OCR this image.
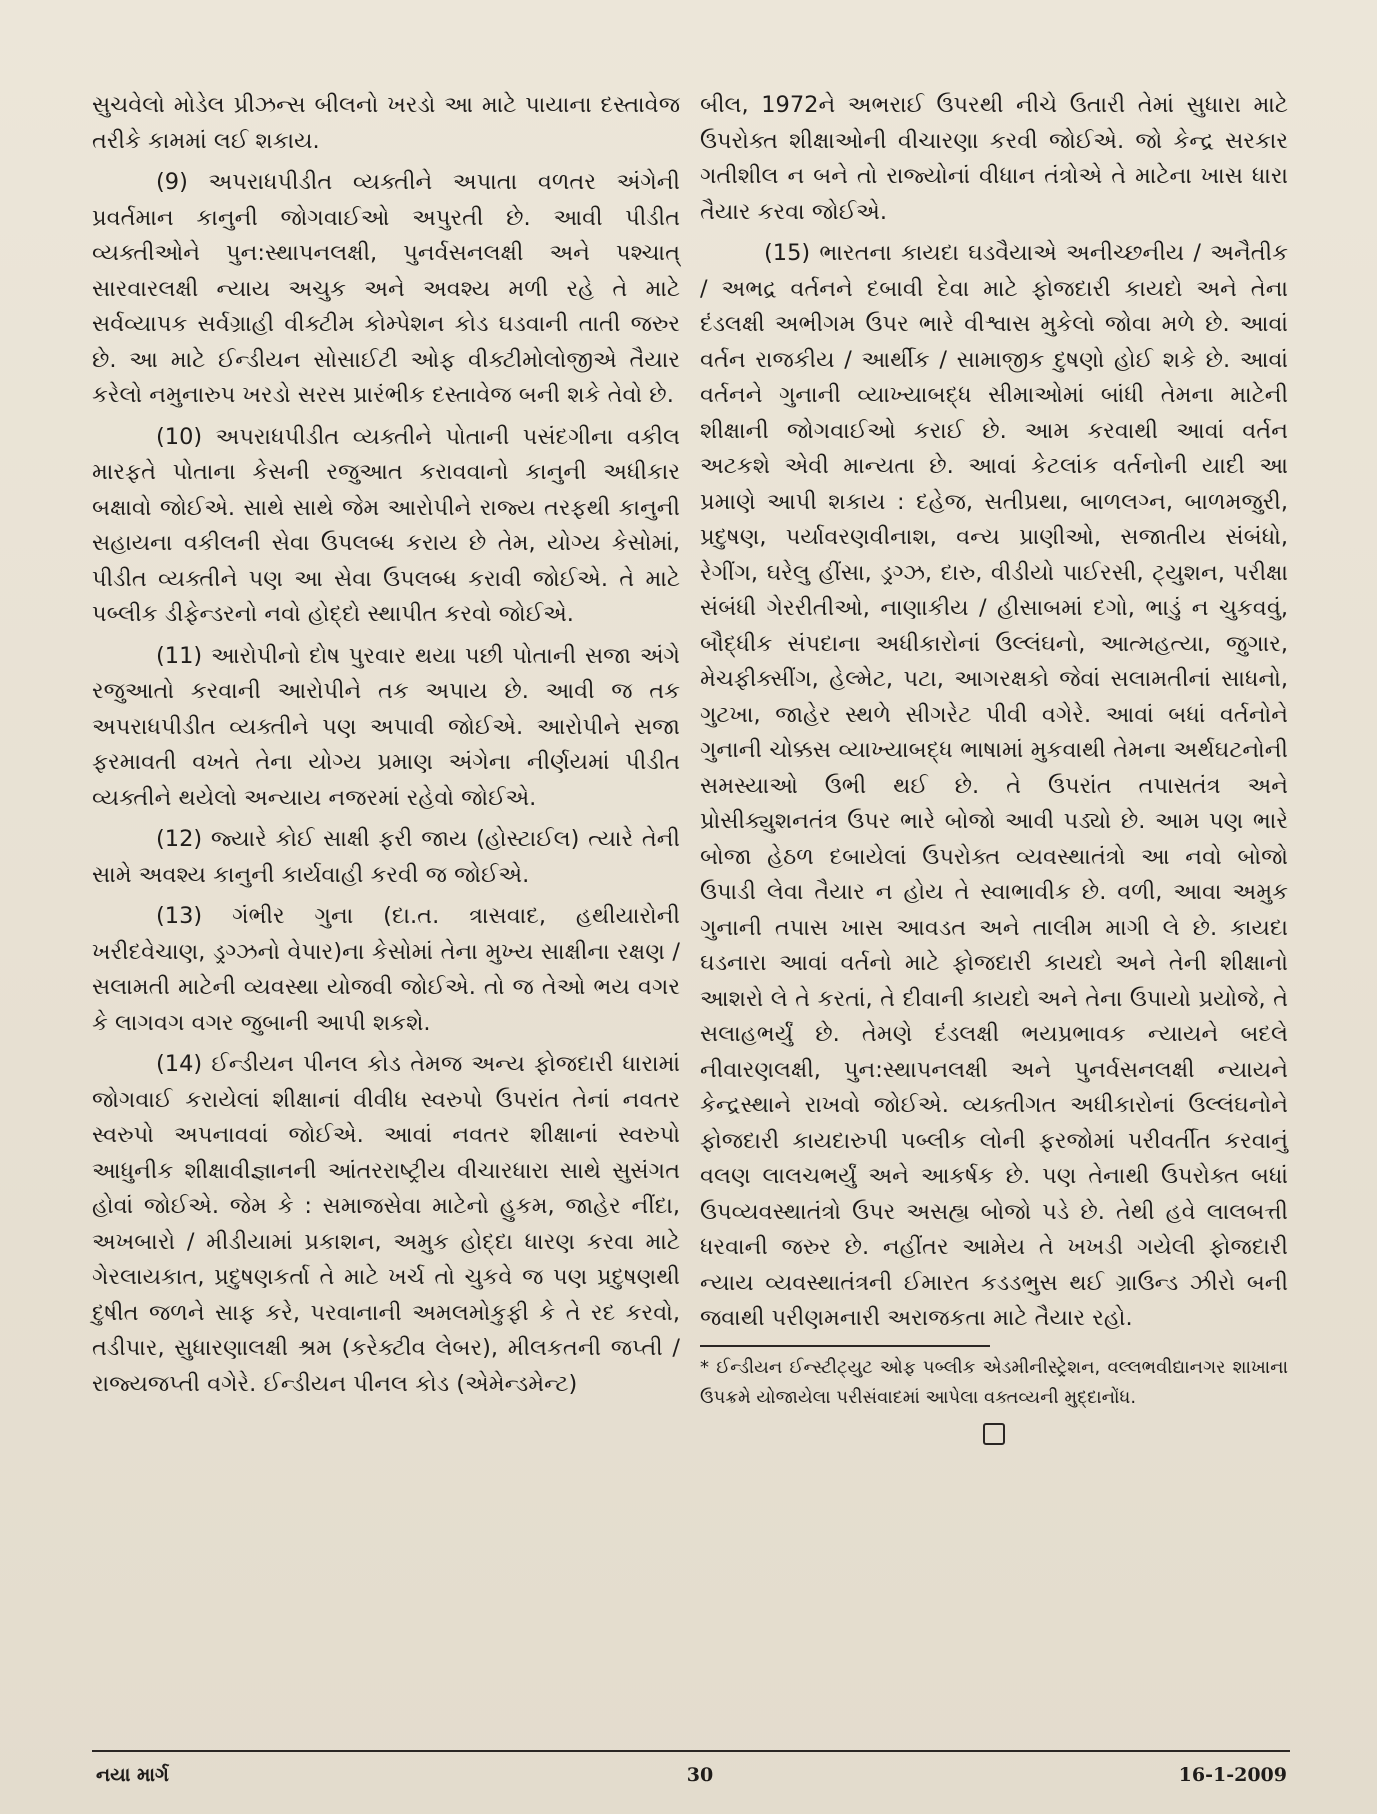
સુચવેલો મોડેલ પ્રીઝન્સ બીલનો ખરડો આ માટે પાયાના દસ્તાવેજ તરીકે કામમાં લઈ શકાય.

(9) અપરાધપીડીત વ્યક્તીને અપાતા વળતર અંગેની પ્રવર્તમાન કાનુની જોગવાઈઓ અપુરતી છે. આવી પીડીત વ્યક્તીઓને પુન:સ્થાપનલક્ષી, પુનર્વસનલક્ષી અને પશ્ચાત્ સારવારલક્ષી ન્યાય અચુક અને અવશ્ય મળી રહે તે માટે સર્વવ્યાપક સર્વગ્રાહી વીક્ટીમ કોમ્પેશન કોડ ઘડવાની તાતી જરુર છે. આ માટે ઈન્ડીયન સોસાઈટી ઓફ વીક્ટીમોલોજીએ તૈયાર કરેલો નમુનારુપ ખરડો સરસ પ્રારંભીક દસ્તાવેજ બની શકે તેવો છે.

(10) અપરાધપીડીત વ્યક્તીને પોતાની પસંદગીના વકીલ મારફતે પોતાના કેસની રજુઆત કરાવવાનો કાનુની અધીકાર બક્ષાવો જોઈએ. સાથે સાથે જેમ આરોપીને રાજ્ય તરફથી કાનુની સહાયના વકીલની સેવા ઉપલબ્ધ કરાય છે તેમ, યોગ્ય કેસોમાં, પીડીત વ્યક્તીને પણ આ સેવા ઉપલબ્ધ કરાવી જોઈએ. તે માટે પબ્લીક ડીફેન્ડરનો નવો હોદ્દો સ્થાપીત કરવો જોઈએ.

(11) આરોપીનો દોષ પુરવાર થયા પછી પોતાની સજા અંગે રજુઆતો કરવાની આરોપીને તક અપાય છે. આવી જ તક અપરાધપીડીત વ્યક્તીને પણ અપાવી જોઈએ. આરોપીને સજા ફરમાવતી વખતે તેના યોગ્ય પ્રમાણ અંગેના નીર્ણયમાં પીડીત વ્યક્તીને થયેલો અન્યાય નજરમાં રહેવો જોઈએ.

(12) જ્યારે કોઈ સાક્ષી ફરી જાય (હોસ્ટાઈલ) ત્યારે તેની સામે અવશ્ય કાનુની કાર્યવાહી કરવી જ જોઈએ.

(13) ગંભીર ગુના (દા.ત. ત્રાસવાદ, હથીયારોની ખરીદવેચાણ, ડ્રગ્ઝનો વેપાર)ના કેસોમાં તેના મુખ્ય સાક્ષીના રક્ષણ / સલામતી માટેની વ્યવસ્થા યોજવી જોઈએ. તો જ તેઓ ભય વગર કે લાગવગ વગર જુબાની આપી શકશે.

(14) ઈન્ડીયન પીનલ કોડ તેમજ અન્ય ફોજદારી ધારામાં જોગવાઈ કરાયેલાં શીક્ષાનાં વીવીધ સ્વરુપો ઉપરાંત તેનાં નવતર સ્વરુપો અપનાવવાં જોઈએ. આવાં નવતર શીક્ષાનાં સ્વરુપો આધુનીક શીક્ષાવીજ્ઞાનની આંતરરાષ્ટ્રીય વીચારધારા સાથે સુસંગત હોવાં જોઈએ. જેમ કે : સમાજસેવા માટેનો હુકમ, જાહેર નીંદા, અખબારો / મીડીયામાં પ્રકાશન, અમુક હોદ્દા ધારણ કરવા માટે ગેરલાયકાત, પ્રદુષણકર્તા તે માટે ખર્ચ તો ચુકવે જ પણ પ્રદુષણથી દુષીત જળને સાફ કરે, પરવાનાની અમલમોકુફી કે તે રદ કરવો, તડીપાર, સુધારણાલક્ષી શ્રમ (કરેક્ટીવ લેબર), મીલકતની જપ્તી / રાજ્યજપ્તી વગેરે. ઈન્ડીયન પીનલ કોડ (એમેન્ડમેન્ટ)

બીલ, 1972ને અભરાઈ ઉપરથી નીચે ઉતારી તેમાં સુધારા માટે ઉપરોક્ત શીક્ષાઓની વીચારણા કરવી જોઈએ. જો કેન્દ્ર સરકાર ગતીશીલ ન બને તો રાજ્યોનાં વીધાન તંત્રોએ તે માટેના ખાસ ધારા તૈયાર કરવા જોઈએ.

(15) ભારતના કાયદા ઘડવૈયાએ અનીચ્છનીય / અનૈતીક / અભદ્ર વર્તનને દબાવી દેવા માટે ફોજદારી કાયદો અને તેના દંડલક્ષી અભીગમ ઉપર ભારે વીશ્વાસ મુકેલો જોવા મળે છે. આવાં વર્તન રાજકીય / આર્થીક / સામાજીક દુષણો હોઈ શકે છે. આવાં વર્તનને ગુનાની વ્યાખ્યાબદ્ધ સીમાઓમાં બાંધી તેમના માટેની શીક્ષાની જોગવાઈઓ કરાઈ છે. આમ કરવાથી આવાં વર્તન અટકશે એવી માન્યતા છે. આવાં કેટલાંક વર્તનોની યાદી આ પ્રમાણે આપી શકાય : દહેજ, સતીપ્રથા, બાળલગ્ન, બાળમજુરી, પ્રદુષણ, પર્યાવરણવીનાશ, વન્ય પ્રાણીઓ, સજાતીય સંબંધો, રેગીંગ, ઘરેલુ હીંસા, ડ્રગ્ઝ, દારુ, વીડીયો પાઈરસી, ટ્યુશન, પરીક્ષા સંબંધી ગેરરીતીઓ, નાણાકીય / હીસાબમાં દગો, ભાડું ન ચુકવવું, બૌદ્ધીક સંપદાના અધીકારોનાં ઉલ્લંઘનો, આત્મહત્યા, જુગાર, મેચફીક્સીંગ, હેલ્મેટ, પટા, આગરક્ષકો જેવાં સલામતીનાં સાધનો, ગુટખા, જાહેર સ્થળે સીગરેટ પીવી વગેરે. આવાં બધાં વર્તનોને ગુનાની ચોક્કસ વ્યાખ્યાબદ્ધ ભાષામાં મુકવાથી તેમના અર્થઘટનોની સમસ્યાઓ ઉભી થઈ છે. તે ઉપરાંત તપાસતંત્ર અને પ્રોસીક્યુશનતંત્ર ઉપર ભારે બોજો આવી પડ્યો છે. આમ પણ ભારે બોજા હેઠળ દબાયેલાં ઉપરોક્ત વ્યવસ્થાતંત્રો આ નવો બોજો ઉપાડી લેવા તૈયાર ન હોય તે સ્વાભાવીક છે. વળી, આવા અમુક ગુનાની તપાસ ખાસ આવડત અને તાલીમ માગી લે છે. કાયદા ઘડનારા આવાં વર્તનો માટે ફોજદારી કાયદો અને તેની શીક્ષાનો આશરો લે તે કરતાં, તે દીવાની કાયદો અને તેના ઉપાયો પ્રયોજે, તે સલાહભર્યું છે. તેમણે દંડલક્ષી ભયપ્રભાવક ન્યાયને બદલે નીવારણલક્ષી, પુન:સ્થાપનલક્ષી અને પુનર્વસનલક્ષી ન્યાયને કેન્દ્રસ્થાને રાખવો જોઈએ. વ્યક્તીગત અધીકારોનાં ઉલ્લંઘનોને ફોજદારી કાયદારુપી પબ્લીક લોની ફરજોમાં પરીવર્તીત કરવાનું વલણ લાલચભર્યું અને આકર્ષક છે. પણ તેનાથી ઉપરોક્ત બધાં ઉપવ્યવસ્થાતંત્રો ઉપર અસહ્ય બોજો પડે છે. તેથી હવે લાલબત્તી ધરવાની જરુર છે. નહીંતર આમેય તે ખખડી ગયેલી ફોજદારી ન્યાય વ્યવસ્થાતંત્રની ઈમારત કડડભુસ થઈ ગ્રાઉન્ડ ઝીરો બની જવાથી પરીણમનારી અરાજકતા માટે તૈયાર રહો.

* ઈન્ડીયન ઈન્સ્ટીટ્યુટ ઓફ પબ્લીક એડમીનીસ્ટ્રેશન, વલ્લભવીદ્યાનગર શાખાના ઉપક્રમે યોજાયેલા પરીસંવાદમાં આપેલા વક્તવ્યની મુદ્દાનોંધ.

નયા માર્ગ	30	16-1-2009
